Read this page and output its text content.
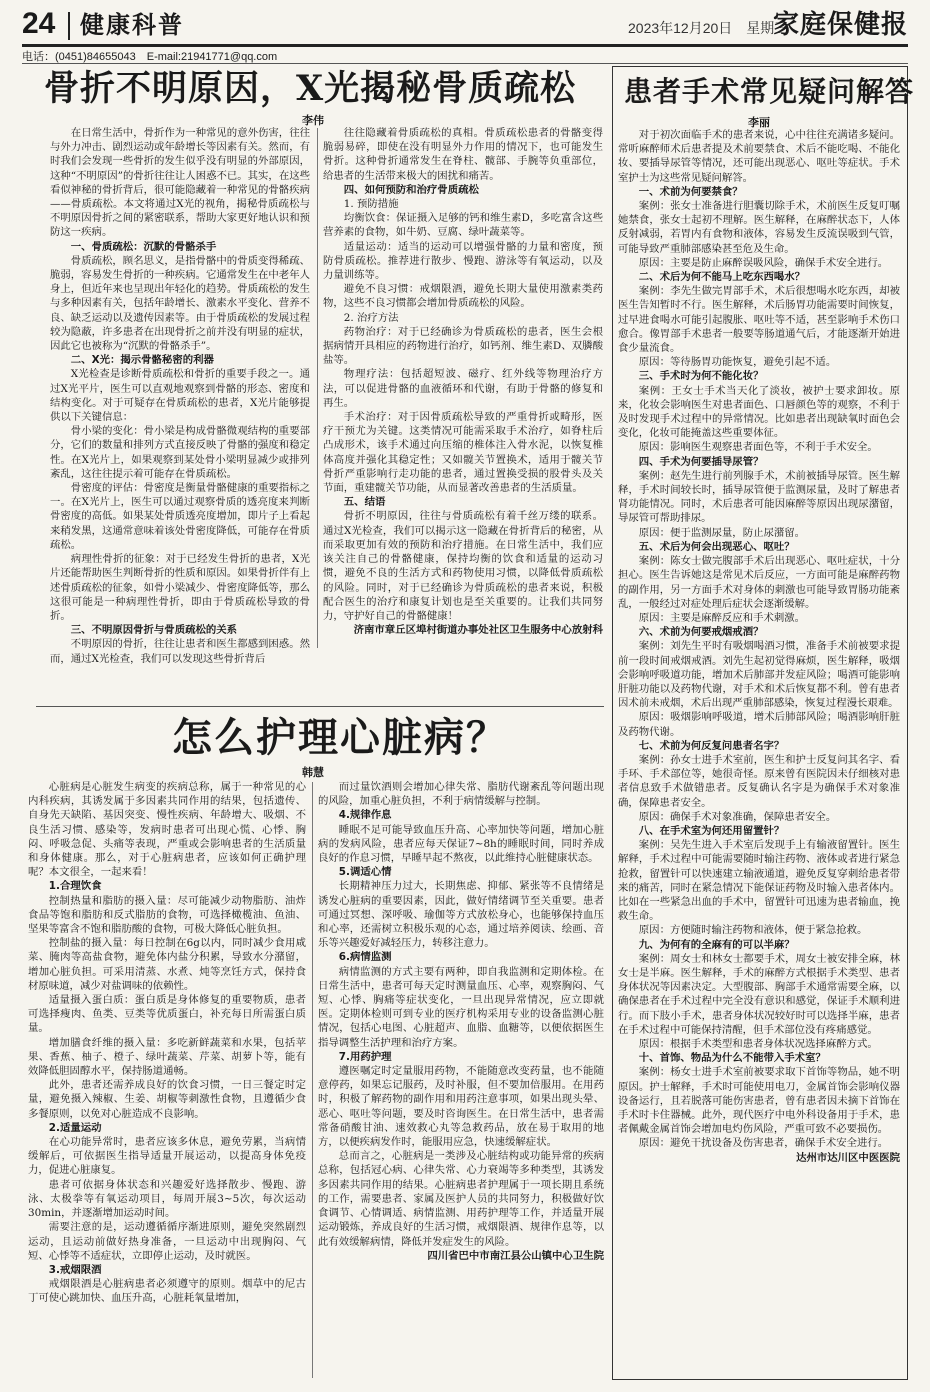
24 健康科普	2023年12月20日　星期三
家庭保健报
电话：(0451)84655043　E-mail:21941771@qq.com
骨折不明原因，X光揭秘骨质疏松
李伟

在日常生活中，骨折作为一种常见的意外伤害，往往与外力冲击、剧烈运动或年龄增长等因素有关。然而，有时我们会发现一些骨折的发生似乎没有明显的外部原因，这种“不明原因”的骨折往往让人困惑不已。其实，在这些看似神秘的骨折背后，很可能隐藏着一种常见的骨骼疾病——骨质疏松。本文将通过X光的视角，揭秘骨质疏松与不明原因骨折之间的紧密联系，帮助大家更好地认识和预防这一疾病。

一、骨质疏松：沉默的骨骼杀手

骨质疏松，顾名思义，是指骨骼中的骨质变得稀疏、脆弱，容易发生骨折的一种疾病。它通常发生在中老年人身上，但近年来也呈现出年轻化的趋势。骨质疏松的发生与多种因素有关，包括年龄增长、激素水平变化、营养不良、缺乏运动以及遗传因素等。由于骨质疏松的发展过程较为隐蔽，许多患者在出现骨折之前并没有明显的症状，因此它也被称为“沉默的骨骼杀手”。

二、X光：揭示骨骼秘密的利器

X光检查是诊断骨质疏松和骨折的重要手段之一。通过X光平片，医生可以直观地观察到骨骼的形态、密度和结构变化。对于可疑存在骨质疏松的患者，X光片能够提供以下关键信息：

骨小梁的变化：骨小梁是构成骨骼微观结构的重要部分，它们的数量和排列方式直接反映了骨骼的强度和稳定性。在X光片上，如果观察到某处骨小梁明显减少或排列紊乱，这往往提示着可能存在骨质疏松。

骨密度的评估：骨密度是衡量骨骼健康的重要指标之一。在X光片上，医生可以通过观察骨质的透亮度来判断骨密度的高低。如果某处骨质透亮度增加，即片子上看起来稍发黑，这通常意味着该处骨密度降低，可能存在骨质疏松。

病理性骨折的征象：对于已经发生骨折的患者，X光片还能帮助医生判断骨折的性质和原因。如果骨折伴有上述骨质疏松的征象，如骨小梁减少、骨密度降低等，那么这很可能是一种病理性骨折，即由于骨质疏松导致的骨折。

三、不明原因骨折与骨质疏松的关系

不明原因的骨折，往往让患者和医生都感到困惑。然而，通过X光检查，我们可以发现这些骨折背后

往往隐藏着骨质疏松的真相。骨质疏松患者的骨骼变得脆弱易碎，即使在没有明显外力作用的情况下，也可能发生骨折。这种骨折通常发生在脊柱、髋部、手腕等负重部位，给患者的生活带来极大的困扰和痛苦。

四、如何预防和治疗骨质疏松

1. 预防措施

均衡饮食：保证摄入足够的钙和维生素D，多吃富含这些营养素的食物，如牛奶、豆腐、绿叶蔬菜等。

适量运动：适当的运动可以增强骨骼的力量和密度，预防骨质疏松。推荐进行散步、慢跑、游泳等有氧运动，以及力量训练等。

避免不良习惯：戒烟限酒，避免长期大量使用激素类药物，这些不良习惯都会增加骨质疏松的风险。

2. 治疗方法

药物治疗：对于已经确诊为骨质疏松的患者，医生会根据病情开具相应的药物进行治疗，如钙剂、维生素D、双膦酸盐等。

物理疗法：包括超短波、磁疗、红外线等物理治疗方法，可以促进骨骼的血液循环和代谢，有助于骨骼的修复和再生。

手术治疗：对于因骨质疏松导致的严重骨折或畸形，医疗干预尤为关键。这类情况可能需采取手术治疗，如脊柱后凸成形术，该手术通过向压缩的椎体注入骨水泥，以恢复椎体高度并强化其稳定性；又如髋关节置换术，适用于髋关节骨折严重影响行走功能的患者，通过置换受损的股骨头及关节面，重建髋关节功能，从而显著改善患者的生活质量。

五、结语

骨折不明原因，往往与骨质疏松有着千丝万缕的联系。通过X光检查，我们可以揭示这一隐藏在骨折背后的秘密，从而采取更加有效的预防和治疗措施。在日常生活中，我们应该关注自己的骨骼健康，保持均衡的饮食和适量的运动习惯，避免不良的生活方式和药物使用习惯，以降低骨质疏松的风险。同时，对于已经确诊为骨质疏松的患者来说，积极配合医生的治疗和康复计划也是至关重要的。让我们共同努力，守护好自己的骨骼健康！

济南市章丘区埠村街道办事处社区卫生服务中心放射科

怎么护理心脏病？
韩慧

心脏病是心脏发生病变的疾病总称，属于一种常见的心内科疾病，其诱发属于多因素共同作用的结果，包括遗传、自身先天缺陷、基因突变、慢性疾病、年龄增大、吸烟、不良生活习惯、感染等，发病时患者可出现心慌、心悸、胸闷、呼吸急促、头痛等表现，严重或会影响患者的生活质量和身体健康。那么，对于心脏病患者，应该如何正确护理呢？本文很全，一起来看！

1.合理饮食

控制热量和脂肪的摄入量：尽可能减少动物脂肪、油炸食品等饱和脂肪和反式脂肪的食物，可选择橄榄油、鱼油、坚果等富含不饱和脂肪酸的食物，可极大降低心脏负担。

控制盐的摄入量：每日控制在6g以内，同时减少食用咸菜、腌肉等高盐食物，避免体内盐分积累，导致水分潴留，增加心脏负担。可采用清蒸、水煮、炖等烹饪方式，保持食材原味道，减少对盐调味的依赖性。

适量摄入蛋白质：蛋白质是身体修复的重要物质，患者可选择瘦肉、鱼类、豆类等优质蛋白，补充每日所需蛋白质量。

增加膳食纤维的摄入量：多吃新鲜蔬菜和水果，包括苹果、香蕉、柚子、橙子、绿叶蔬菜、芹菜、胡萝卜等，能有效降低胆固醇水平，保持肠道通畅。

此外，患者还需养成良好的饮食习惯，一日三餐定时定量，避免摄入辣椒、生姜、胡椒等刺激性食物，且遵循少食多餐原则，以免对心脏造成不良影响。

2.适量运动

在心功能异常时，患者应该多休息，避免劳累，当病情缓解后，可依据医生指导适量开展运动，以提高身体免疫力，促进心脏康复。

患者可依据身体状态和兴趣爱好选择散步、慢跑、游泳、太极拳等有氧运动项目，每周开展3~5次，每次运动30min，并逐渐增加运动时间。

需要注意的是，运动遵循循序渐进原则，避免突然剧烈运动，且运动前做好热身准备，一旦运动中出现胸闷、气短、心悸等不适症状，立即停止运动，及时就医。

3.戒烟限酒

戒烟限酒是心脏病患者必须遵守的原则。烟草中的尼古丁可使心跳加快、血压升高，心脏耗氧量增加，

而过量饮酒则会增加心律失常、脂肪代谢紊乱等问题出现的风险，加重心脏负担，不利于病情缓解与控制。

4.规律作息

睡眠不足可能导致血压升高、心率加快等问题，增加心脏病的发病风险，患者应每天保证7~8h的睡眠时间，同时养成良好的作息习惯，早睡早起不熬夜，以此维持心脏健康状态。

5.调适心情

长期精神压力过大，长期焦虑、抑郁、紧张等不良情绪是诱发心脏病的重要因素，因此，做好情绪调节至关重要。患者可通过冥想、深呼吸、瑜伽等方式放松身心，也能够保持血压和心率，还需树立积极乐观的心态，通过培养阅读、绘画、音乐等兴趣爱好减轻压力，转移注意力。

6.病情监测

病情监测的方式主要有两种，即自我监测和定期体检。在日常生活中，患者可每天定时测量血压、心率，观察胸闷、气短、心悸、胸痛等症状变化，一旦出现异常情况，应立即就医。定期体检则可到专业的医疗机构采用专业的设备监测心脏情况，包括心电图、心脏超声、血脂、血糖等，以便依据医生指导调整生活护理和治疗方案。

7.用药护理

遵医嘱定时定量服用药物，不能随意改变药量，也不能随意停药，如果忘记服药，及时补服，但不要加倍服用。在用药时，积极了解药物的副作用和用药注意事项，如果出现头晕、恶心、呕吐等问题，要及时咨询医生。在日常生活中，患者需常备硝酸甘油、速效救心丸等急救药品，放在易于取用的地方，以便疾病发作时，能服用应急，快速缓解症状。

总而言之，心脏病是一类涉及心脏结构或功能异常的疾病总称，包括冠心病、心律失常、心力衰竭等多种类型，其诱发多因素共同作用的结果。心脏病患者护理属于一项长期且系统的工作，需要患者、家属及医护人员的共同努力，积极做好饮食调节、心情调适、病情监测、用药护理等工作，并适量开展运动锻炼，养成良好的生活习惯，戒烟限酒、规律作息等，以此有效缓解病情，降低并发症发生的风险。

四川省巴中市南江县公山镇中心卫生院

患者手术常见疑问解答
李丽

对于初次面临手术的患者来说，心中往往充满诸多疑问。常听麻醉师术后患者提及术前要禁食、术后不能吃喝、不能化妆、要插导尿管等情况，还可能出现恶心、呕吐等症状。手术室护士为这些常见疑问解答。

一、术前为何要禁食？

案例：张女士准备进行胆囊切除手术，术前医生反复叮嘱她禁食，张女士起初不理解。医生解释，在麻醉状态下，人体反射减弱，若胃内有食物和液体，容易发生反流误吸到气管，可能导致严重肺部感染甚至危及生命。

原因：主要是防止麻醉误吸风险，确保手术安全进行。

二、术后为何不能马上吃东西喝水？

案例：李先生做完胃部手术，术后很想喝水吃东西，却被医生告知暂时不行。医生解释，术后肠胃功能需要时间恢复，过早进食喝水可能引起腹胀、呕吐等不适，甚至影响手术伤口愈合。像胃部手术患者一般要等肠道通气后，才能逐渐开始进食少量流食。

原因：等待肠胃功能恢复，避免引起不适。

三、手术时为何不能化妆？

案例：王女士手术当天化了淡妆，被护士要求卸妆。原来，化妆会影响医生对患者面色、口唇颜色等的观察，不利于及时发现手术过程中的异常情况。比如患者出现缺氧时面色会变化，化妆可能掩盖这些重要体征。

原因：影响医生观察患者面色等，不利于手术安全。

四、手术为何要插导尿管？

案例：赵先生进行前列腺手术，术前被插导尿管。医生解释，手术时间较长时，插导尿管便于监测尿量，及时了解患者肾功能情况。同时，术后患者可能因麻醉等原因出现尿潴留，导尿管可帮助排尿。

原因：便于监测尿量，防止尿潴留。

五、术后为何会出现恶心、呕吐？

案例：陈女士做完腹部手术后出现恶心、呕吐症状，十分担心。医生告诉她这是常见术后反应，一方面可能是麻醉药物的副作用，另一方面手术对身体的刺激也可能导致胃肠功能紊乱，一般经过对症处理后症状会逐渐缓解。

原因：主要是麻醉反应和手术刺激。

六、术前为何要戒烟戒酒？

案例：刘先生平时有吸烟喝酒习惯，准备手术前被要求提前一段时间戒烟戒酒。刘先生起初觉得麻烦，医生解释，吸烟会影响呼吸道功能，增加术后肺部并发症风险；喝酒可能影响肝脏功能以及药物代谢，对手术和术后恢复都不利。曾有患者因术前未戒烟，术后出现严重肺部感染，恢复过程漫长艰难。

原因：吸烟影响呼吸道，增术后肺部风险；喝酒影响肝脏及药物代谢。

七、术前为何反复问患者名字？

案例：孙女士进手术室前，医生和护士反复问其名字、看手环、手术部位等，她很奇怪。原来曾有医院因未仔细核对患者信息致手术做错患者。反复确认名字是为确保手术对象准确，保障患者安全。

原因：确保手术对象准确，保障患者安全。

八、在手术室为何还用留置针？

案例：吴先生进入手术室后发现手上有输液留置针。医生解释，手术过程中可能需要随时输注药物、液体或者进行紧急抢救，留置针可以快速建立输液通道，避免反复穿刺给患者带来的痛苦，同时在紧急情况下能保证药物及时输入患者体内。比如在一些紧急出血的手术中，留置针可迅速为患者输血，挽救生命。

原因：方便随时输注药物和液体，便于紧急抢救。

九、为何有的全麻有的可以半麻？

案例：周女士和林女士都要手术，周女士被安排全麻，林女士是半麻。医生解释，手术的麻醉方式根据手术类型、患者身体状况等因素决定。大型腹部、胸部手术通常需要全麻，以确保患者在手术过程中完全没有意识和感觉，保证手术顺利进行。而下肢小手术，患者身体状况较好时可以选择半麻，患者在手术过程中可能保持清醒，但手术部位没有疼痛感觉。

原因：根据手术类型和患者身体状况选择麻醉方式。

十、首饰、物品为什么不能带入手术室？

案例：杨女士进手术室前被要求取下首饰等物品，她不明原因。护士解释，手术时可能使用电刀，金属首饰会影响仪器设备运行，且若脱落可能伤害患者，曾有患者因未摘下首饰在手术时卡住器械。此外，现代医疗中电外科设备用于手术，患者佩戴金属首饰会增加电灼伤风险，严重可致不必要损伤。

原因：避免干扰设备及伤害患者，确保手术安全进行。

达州市达川区中医医院
